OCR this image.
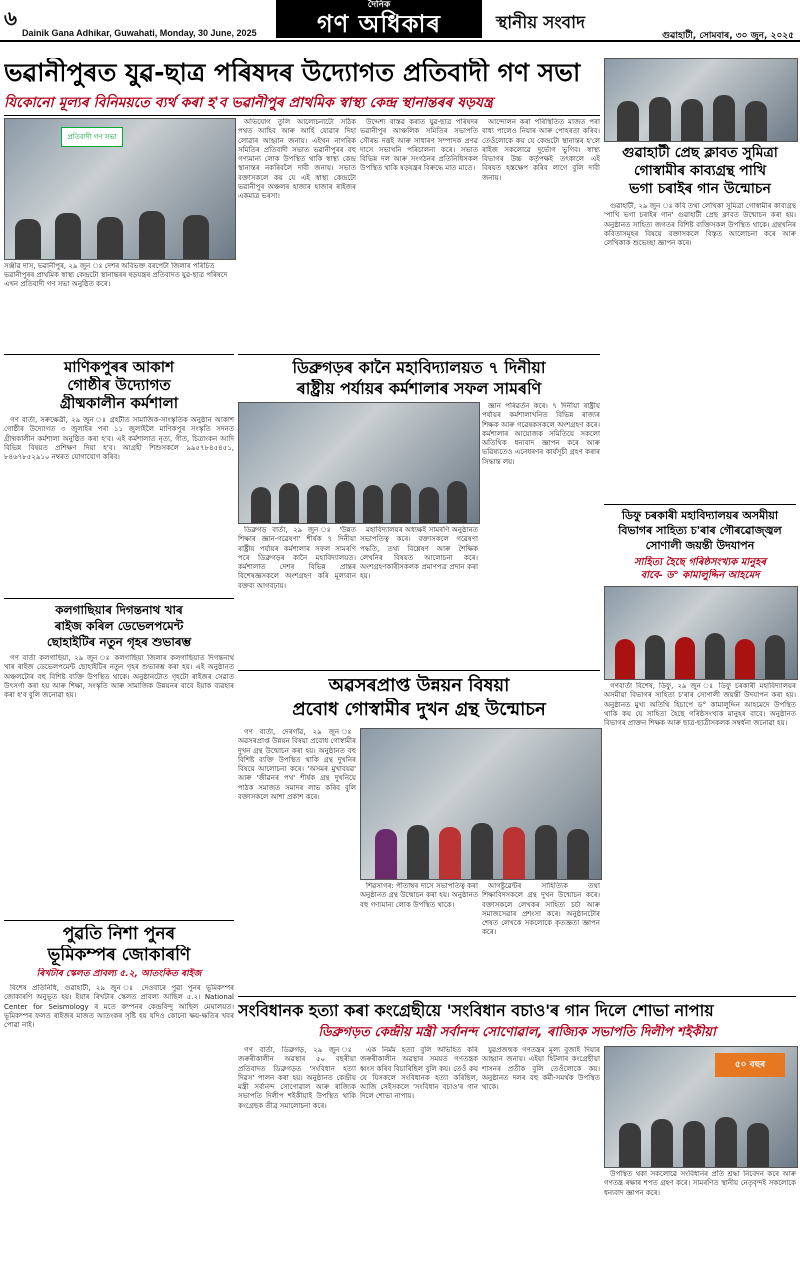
৬
Dainik Gana Adhikar, Guwahati, Monday, 30 June, 2025
দৈনিক
গণ অধিকাৰ	স্থানীয় সংবাদ
গুৱাহাটী, সোমবাৰ, ৩০ জুন, ২০২৫
ভৱানীপুৰত যুৱ-ছাত্ৰ পৰিষদৰ উদ্যোগত প্ৰতিবাদী গণ সভা
যিকোনো মূল্যৰ বিনিময়তে ব্যৰ্থ কৰা হ'ব ভৱানীপুৰ প্ৰাথমিক স্বাস্থ্য কেন্দ্ৰ স্থানান্তৰৰ ষড়যন্ত্ৰ
প্ৰতিবাদী গণ সভা
সঞ্জীৱ দাস, ভৱানীপুৰ, ২৯ জুন ঃ দেশৰ অবিভক্ত বৰপেটা জিলাৰ পৰিচিত ভৱানীপুৰৰ প্ৰাথমিক স্বাস্থ্য কেন্দ্ৰটো স্থানান্তৰৰ ষড়যন্ত্ৰৰ প্ৰতিবাদত যুৱ-ছাত্ৰ পৰিষদে এখন প্ৰতিবাদী গণ সভা অনুষ্ঠিত কৰে।

অভিযোগ তুলি আলোচনাটো সঠিক পথত আহিব আৰু আৰ্হি যোৱাৰ দিহা লোৱাৰ আহ্বান জনায়। এইখন নাগৰিক সমিতিৰ প্ৰতিবাদী সভাত ভৱানীপুৰৰ বহু গণ্যমান্য লোক উপস্থিত থাকি স্বাস্থ্য কেন্দ্ৰ স্থানান্তৰ নকৰিবলৈ দাবী জনায়। সভাত বক্তাসকলে কয় যে এই স্বাস্থ্য কেন্দ্ৰটো ভৱানীপুৰ অঞ্চলৰ হাজাৰ হাজাৰ ৰাইজৰ একমাত্ৰ ভৰসা।

উদ্দেশ্য বাস্তৱ কৰাত যুৱ-ছাত্ৰ পৰিষদৰ ভৱানীপুৰ আঞ্চলিক সমিতিৰ সভাপতি সৌৰভ দত্তই আৰু সাধাৰণ সম্পাদক প্ৰণৱ দাসে সভাখনি পৰিচালনা কৰে। সভাত বিভিন্ন দল আৰু সংগঠনৰ প্ৰতিনিধিসকল উপস্থিত থাকি ষড়যন্ত্ৰৰ বিৰুদ্ধে মাত মাতে।

আন্দোলন কৰা পৰিস্থিতিত মাজত পৰা বাধ্য পালেও নিয়াৰ আৰু পোহৰতা কৰিব। তেওঁলোকে কয় যে কেন্দ্ৰটো স্থানান্তৰ হ'লে ৰাইজ সকলোৱে দুৰ্ভোগ ভুগিব। স্বাস্থ্য বিভাগৰ উচ্চ কৰ্তৃপক্ষই তৎকালে এই বিষয়ত হস্তক্ষেপ কৰিব লাগে বুলি দাবী জনায়।

গুৱাহাটী প্ৰেছ ক্লাবত সুমিত্ৰা
গোস্বামীৰ কাব্যগ্ৰন্থ পাখি
ভগা চৰাইৰ গান উন্মোচন

গুৱাহাটী, ২৯ জুন ঃ কবি তথা লেখিকা সুমিত্ৰা গোস্বামীৰ কাব্যগ্ৰন্থ 'পাখি ভগা চৰাইৰ গান' গুৱাহাটী প্ৰেছ ক্লাবত উন্মোচন কৰা হয়। অনুষ্ঠানত সাহিত্য জগতৰ বিশিষ্ট ব্যক্তিসকল উপস্থিত থাকে। গ্ৰন্থখনিৰ কবিতাসমূহৰ বিষয়ে বক্তাসকলে বিস্তৃত আলোচনা কৰে আৰু লেখিকাক শুভেচ্ছা জ্ঞাপন কৰে।

মাণিকপুৰৰ আকাশ
গোষ্ঠীৰ উদ্যোগত
গ্ৰীষ্মকালীন কৰ্মশালা

গণ বাৰ্তা, সৰুক্ষেত্ৰী, ২৯ জুন ঃ গ্ৰহটীত সামাজিক-সাংস্কৃতিক অনুষ্ঠান আকাশ গোষ্ঠীৰ উদ্যোগত ৩ জুলাইৰ পৰা ১১ জুলাইলৈ মাণিকপুৰ সংস্কৃতি সদনত গ্ৰীষ্মকালীন কৰ্মশালা অনুষ্ঠিত কৰা হ'ব। এই কৰ্মশালাত নৃত্য, গীত, চিত্ৰাংকন আদি বিভিন্ন বিষয়ত প্ৰশিক্ষণ দিয়া হ'ব। আগ্ৰহী শিশুসকলে ৯৯৫৭৮৪৫৪৫১, ৮৪৬৭৮৫২৯১০ নম্বৰত যোগাযোগ কৰিব।

ডিব্ৰুগড়ৰ কানৈ মহাবিদ্যালয়ত ৭ দিনীয়া
ৰাষ্ট্ৰীয় পৰ্যায়ৰ কৰ্মশালাৰ সফল সামৰণি

ডিব্ৰুগড় বাৰ্তা, ২৯ জুন ঃ 'উন্নত শিক্ষাৰ জ্ঞান-গৱেষণা' শীৰ্ষক ৭ দিনীয়া ৰাষ্ট্ৰীয় পৰ্যায়ৰ কৰ্মশালাৰ সফল সামৰণি পৰে ডিব্ৰুগড়ৰ কানৈ মহাবিদ্যালয়ত। কৰ্মশালাত দেশৰ বিভিন্ন প্ৰান্তৰ বিশেষজ্ঞসকলে অংশগ্ৰহণ কৰি মূল্যবান বক্তব্য আগবঢ়ায়।

মহাবিদ্যালয়ৰ অধ্যক্ষই সামৰণি অনুষ্ঠানত সভাপতিত্ব কৰে। বক্তাসকলে গৱেষণা পদ্ধতি, তথ্য বিশ্লেষণ আৰু শৈক্ষিক লেখনিৰ বিষয়ত আলোচনা কৰে। অংশগ্ৰহণকাৰীসকলক প্ৰমাণপত্ৰ প্ৰদান কৰা হয়।

জ্ঞান পৰিৱৰ্তন কৰে। ৭ দিনীয়া ৰাষ্ট্ৰীয় পৰ্যায়ৰ কৰ্মশালাখনিত বিভিন্ন ৰাজ্যৰ শিক্ষক আৰু গৱেষকসকলে অংশগ্ৰহণ কৰে। কৰ্মশালাৰ আয়োজক সমিতিয়ে সকলো অতিথিক ধন্যবাদ জ্ঞাপন কৰে আৰু ভৱিষ্যতেও এনেধৰণৰ কাৰ্যসূচী গ্ৰহণ কৰাৰ সিদ্ধান্ত লয়।

ডিফু চৰকাৰী মহাবিদ্যালয়ৰ অসমীয়া
বিভাগৰ সাহিত্য চ'ৰাৰ গৌৰৱোজ্জ্বল
সোণালী জয়ন্তী উদযাপন
সাহিত্য হৈছে গৰিষ্ঠসংখ্যক মানুহৰ
বাবে- ড° কামালুদ্দিন আহমেদ

গণবাৰ্তা বিশেষ, ডিফু, ২৯ জুন ঃ ডিফু চৰকাৰী মহাবিদ্যালয়ৰ অসমীয়া বিভাগৰ সাহিত্য চ'ৰাৰ সোণালী জয়ন্তী উদযাপন কৰা হয়। অনুষ্ঠানত মুখ্য অতিথি হিচাপে ড° কামালুদ্দিন আহমেদে উপস্থিত থাকি কয় যে সাহিত্য হৈছে গৰিষ্ঠসংখ্যক মানুহৰ বাবে। অনুষ্ঠানত বিভাগৰ প্ৰাক্তন শিক্ষক আৰু ছাত্ৰ-ছাত্ৰীসকলক সম্বৰ্ধনা জনোৱা হয়।

কলগাছিয়াৰ দিগন্তনাথ খাৰ
ৰাইজ কৰিল ডেভেলপমেন্ট
ছোহাইটিৰ নতুন গৃহৰ শুভাৰম্ভ

গণ বাৰ্তা কলগাছিয়া, ২৯ জুন ঃ কলগাছিয়া জিলাৰ কলগাছিয়াত দিগন্তনাথ খাৰ ৰাইজ ডেভেলপমেন্ট ছোহাইটিৰ নতুন গৃহৰ শুভাৰম্ভ কৰা হয়। এই অনুষ্ঠানত অঞ্চলটোৰ বহু বিশিষ্ট ব্যক্তি উপস্থিত থাকে। অনুষ্ঠানটোত গৃহটো ৰাইজৰ সেৱাত উৎসৰ্গা কৰা হয় আৰু শিক্ষা, সংস্কৃতি আৰু সামাজিক উন্নয়নৰ বাবে ইয়াক ব্যৱহাৰ কৰা হ'ব বুলি জনোৱা হয়।	অৱসৰপ্ৰাপ্ত উন্নয়ন বিষয়া
প্ৰবোধ গোস্বামীৰ দুখন গ্ৰন্থ উন্মোচন

গণ বাৰ্তা, দেৰগাঁৱ, ২৯ জুন ঃ অৱসৰপ্ৰাপ্ত উন্নয়ন বিষয়া প্ৰবোধ গোস্বামীৰ দুখন গ্ৰন্থ উন্মোচন কৰা হয়। অনুষ্ঠানত বহু বিশিষ্ট ব্যক্তি উপস্থিত থাকি গ্ৰন্থ দুখনিৰ বিষয়ে আলোচনা কৰে। 'অসমৰ মুখাবয়ৱ' আৰু 'জীৱনৰ পথ' শীৰ্ষক গ্ৰন্থ দুখনিয়ে পাঠক সমাজত সমাদৰ লাভ কৰিব বুলি বক্তাসকলে আশা প্ৰকাশ কৰে।

শিৱসাগৰ: পীতাম্বৰ দাসে সভাপতিত্ব কৰা অনুষ্ঠানত গ্ৰন্থ উন্মোচন কৰা হয়। অনুষ্ঠানত বহু গণ্যমান্য লোক উপস্থিত থাকে।

আগষ্টুৱেন্টৰ সাহিত্যিক তথা শিক্ষাবিদসকলে গ্ৰন্থ দুখন উন্মোচন কৰে। বক্তাসকলে লেখকৰ সাহিত্য চৰ্চা আৰু সমাজসেৱাৰ প্ৰশংসা কৰে। অনুষ্ঠানটোৰ শেষত লেখকে সকলোকে কৃতজ্ঞতা জ্ঞাপন কৰে।

পুৱতি নিশা পুনৰ
ভূমিকম্পৰ জোকাৰণি
ৰিখটাৰ স্কেলত প্ৰাবল্য ৫.২, আতংকিত ৰাইজ

বিশেষ প্ৰতিনিধি, গুৱাহাটী, ২৯ জুন ঃ দেওবাৰে পুৱা পুনৰ ভূমিকম্পৰ জোকাৰণি অনুভূত হয়। ইয়াৰ ৰিখটাৰ স্কেলত প্ৰাবল্য আছিল ৫.২। National Center for Seismology ৰ মতে কম্পনৰ কেন্দ্ৰবিন্দু আছিল মেঘালয়ত। ভূমিকম্পৰ ফলত ৰাইজৰ মাজত আতংকৰ সৃষ্টি হয় যদিও কোনো ক্ষয়-ক্ষতিৰ খবৰ পোৱা নাই।

সংবিধানক হত্যা কৰা কংগ্ৰেছীয়ে 'সংবিধান বচাও'ৰ গান দিলে শোভা নাপায়
ডিব্ৰুগড়ত কেন্দ্ৰীয় মন্ত্ৰী সৰ্বানন্দ সোণোৱাল, ৰাজ্যিক সভাপতি দিলীপ শইকীয়া

গণ বাৰ্তা, ডিব্ৰুগড়, ২৯ জুন ঃ জৰুৰীকালীন অৱস্থাৰ ৫০ বছৰীয়া প্ৰতিবাদত ডিব্ৰুগড়ত 'সংবিধান হত্যা দিৱস' পালন কৰা হয়। অনুষ্ঠানত কেন্দ্ৰীয় মন্ত্ৰী সৰ্বানন্দ সোণোৱাল আৰু ৰাজ্যিক সভাপতি দিলীপ শইকীয়াই উপস্থিত থাকি কংগ্ৰেছক তীব্ৰ সমালোচনা কৰে।

এক নিৰ্মম হত্যা বুলি অভিহিত কৰি জৰুৰীকালীন অৱস্থাৰ সময়ত গণতন্ত্ৰক ধ্বংস কৰিব বিচাৰিছিল বুলি কয়। তেওঁ কয় যে যিসকলে সংবিধানক হত্যা কৰিছিল, আজি সেইসকলে 'সংবিধান বচাও'ৰ গান দিলে শোভা নাপায়।

যুৱপ্ৰজন্মক গণতন্ত্ৰৰ মূল্য বুজাই দিয়াৰ আহ্বান জনায়। এইয়া হিটলাৰ কংগ্ৰেছীয়া শাসনৰ প্ৰতীক বুলি তেওঁলোকে কয়। অনুষ্ঠানত দলৰ বহু কৰ্মী-সমৰ্থক উপস্থিত থাকে।

৫০ বছৰ

উপস্থিত থকা সকলোৱে সংবিধানৰ প্ৰতি শ্ৰদ্ধা নিবেদন কৰে আৰু গণতন্ত্ৰ ৰক্ষাৰ শপত গ্ৰহণ কৰে। সামৰণিত স্থানীয় নেতৃবৃন্দই সকলোকে ধন্যবাদ জ্ঞাপন কৰে।
